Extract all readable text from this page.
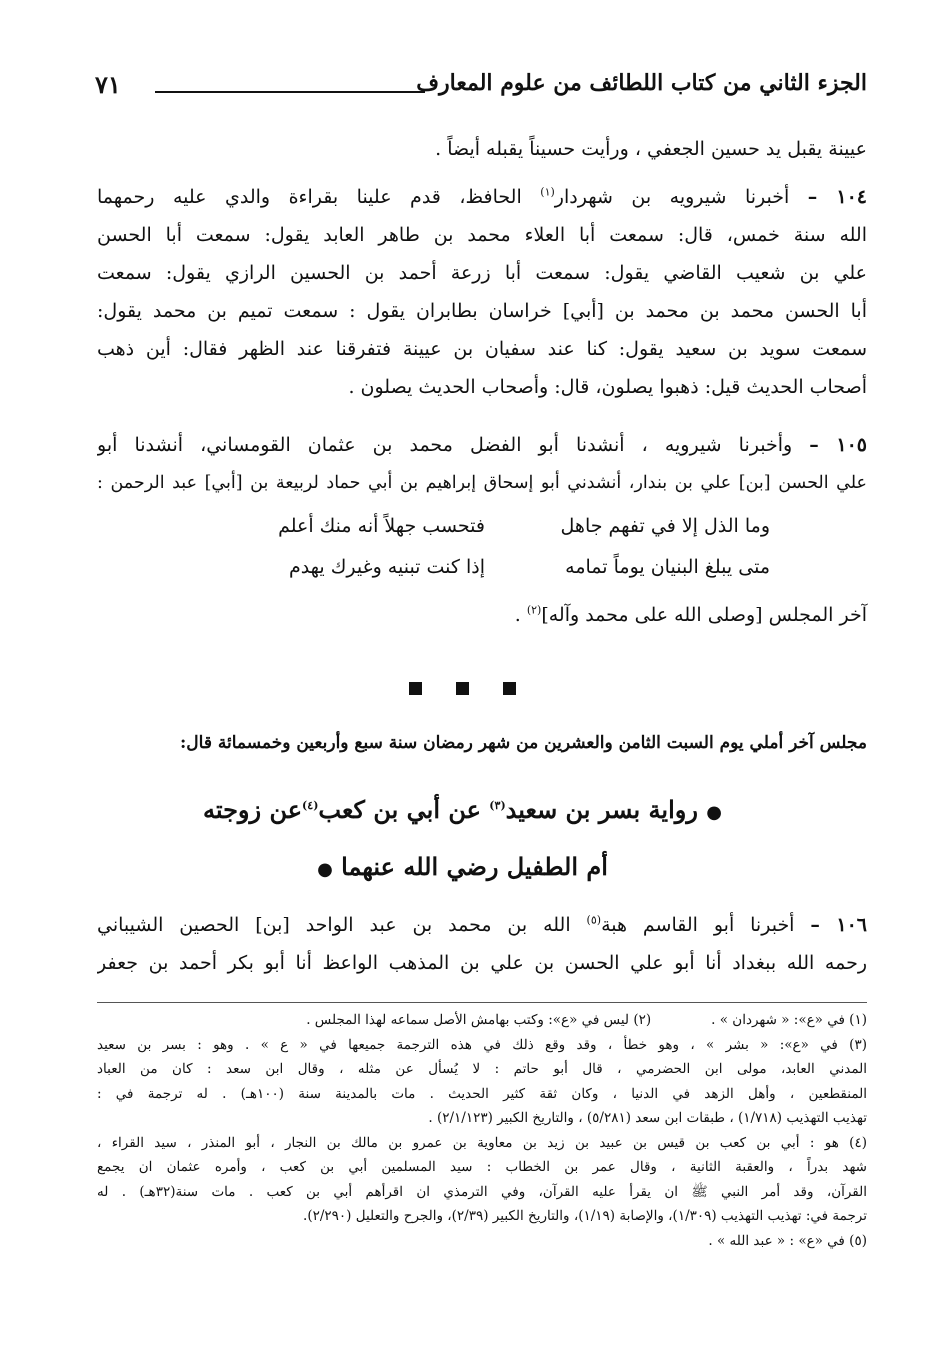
الجزء الثاني من كتاب اللطائف من علوم المعارف
٧١
عيينة يقبل يد حسين الجعفي ، ورأيت حسيناً يقبله أيضاً .
١٠٤ – أخبرنا شيرويه بن شهردار$^{(١)}$ الحافظ، قدم علينا بقراءة والدي عليه رحمهما
الله سنة خمس، قال: سمعت أبا العلاء محمد بن طاهر العابد يقول: سمعت أبا الحسن
علي بن شعيب القاضي يقول: سمعت أبا زرعة أحمد بن الحسين الرازي يقول: سمعت
أبا الحسن محمد بن محمد بن [أبي] خراسان بطابران يقول : سمعت تميم بن محمد يقول:
سمعت سويد بن سعيد يقول: كنا عند سفيان بن عيينة فتفرقنا عند الظهر فقال: أين ذهب
أصحاب الحديث قيل: ذهبوا يصلون، قال: وأصحاب الحديث يصلون .
١٠٥ – وأخبرنا شيرويه ، أنشدنا أبو الفضل محمد بن عثمان القومساني، أنشدنا أبو
علي الحسن [بن] علي بن بندار، أنشدني أبو إسحاق إبراهيم بن أبي حماد لربيعة بن [أبي] عبد الرحمن :
وما الذل إلا في تفهم جاهل
فتحسب جهلاً أنه منك أعلم
متى يبلغ البنيان يوماً تمامه
إذا كنت تبنيه وغيرك يهدم
آخر المجلس [وصلى الله على محمد وآله]$^{(٢)}$ .
مجلس آخر أملي يوم السبت الثامن والعشرين من شهر رمضان سنة سبع وأربعين وخمسمائة قال:
● رواية بسر بن سعيد$^{(٣)}$ عن أبي بن كعب$^{(٤)}$عن زوجته
أم الطفيل رضي الله عنهما ●
١٠٦ – أخبرنا أبو القاسم هبة$^{(٥)}$ الله بن محمد بن عبد الواحد [بن] الحصين الشيباني
رحمه الله ببغداد أنا أبو علي الحسن بن علي بن المذهب الواعظ أنا أبو بكر أحمد بن جعفر
(١) في «ع»: « شهردان » .
(٢) ليس في «ع»: وكتب بهامش الأصل سماعه لهذا المجلس .
(٣) في «ع»: « بشر » ، وهو خطأ ، وقد وقع ذلك في هذه الترجمة جميعها في « ع » . وهو : بسر بن سعيد
المدني العابد، مولى ابن الحضرمي ، قال أبو حاتم : لا يُسأل عن مثله ، وقال ابن سعد : كان من العباد
المنقطعين ، وأهل الزهد في الدنيا ، وكان ثقة كثير الحديث . مات بالمدينة سنة (١٠٠هـ) . له ترجمة في :
تهذيب التهذيب (١/٧١٨) ، طبقات ابن سعد (٥/٢٨١) ، والتاريخ الكبير (٢/١/١٢٣) .
(٤) هو : أبي بن كعب بن قيس بن عبيد بن زيد بن معاوية بن عمرو بن مالك بن النجار ، أبو المنذر ، سيد القراء ،
شهد بدراً ، والعقبة الثانية ، وقال عمر بن الخطاب : سيد المسلمين أبي بن كعب ، وأمره عثمان ان يجمع
القرآن، وقد أمر النبي ﷺ ان يقرأ عليه القرآن، وفي الترمذي ان اقرأهم أبي بن كعب . مات سنة(٣٢هـ) . له
ترجمة في: تهذيب التهذيب (١/٣٠٩)، والإصابة (١/١٩)، والتاريخ الكبير (٢/٣٩)، والجرح والتعليل (٢/٢٩٠).
(٥) في «ع» : « عبد الله » .
